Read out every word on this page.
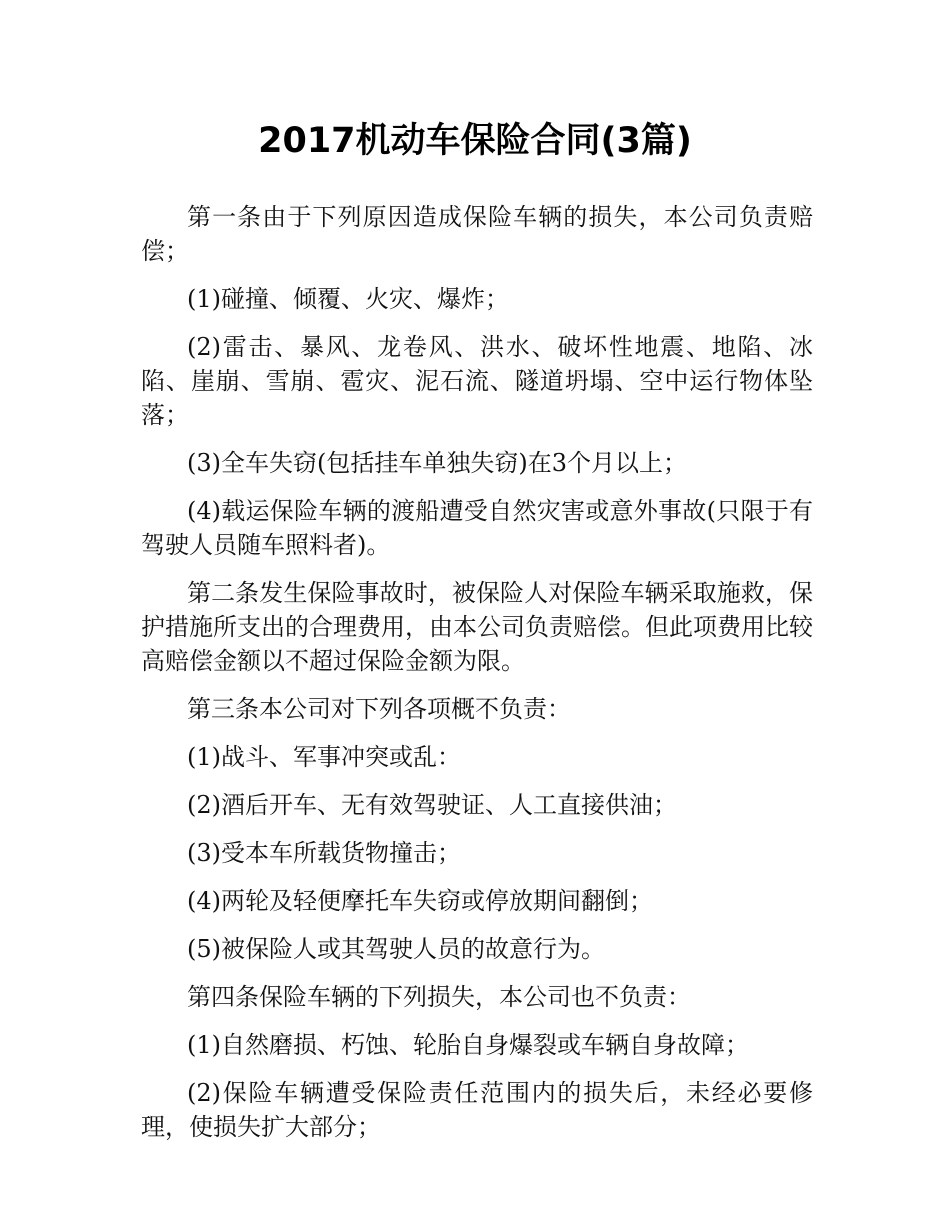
2017机动车保险合同(3篇)

第一条由于下列原因造成保险车辆的损失，本公司负责赔偿；

(1)碰撞、倾覆、火灾、爆炸；

(2)雷击、暴风、龙卷风、洪水、破坏性地震、地陷、冰陷、崖崩、雪崩、雹灾、泥石流、隧道坍塌、空中运行物体坠落；

(3)全车失窃(包括挂车单独失窃)在3个月以上；

(4)载运保险车辆的渡船遭受自然灾害或意外事故(只限于有驾驶人员随车照料者)。

第二条发生保险事故时，被保险人对保险车辆采取施救，保护措施所支出的合理费用，由本公司负责赔偿。但此项费用比较高赔偿金额以不超过保险金额为限。

第三条本公司对下列各项概不负责：

(1)战斗、军事冲突或乱：

(2)酒后开车、无有效驾驶证、人工直接供油；

(3)受本车所载货物撞击；

(4)两轮及轻便摩托车失窃或停放期间翻倒；

(5)被保险人或其驾驶人员的故意行为。

第四条保险车辆的下列损失，本公司也不负责：

(1)自然磨损、朽蚀、轮胎自身爆裂或车辆自身故障；

(2)保险车辆遭受保险责任范围内的损失后，未经必要修理，使损失扩大部分；
